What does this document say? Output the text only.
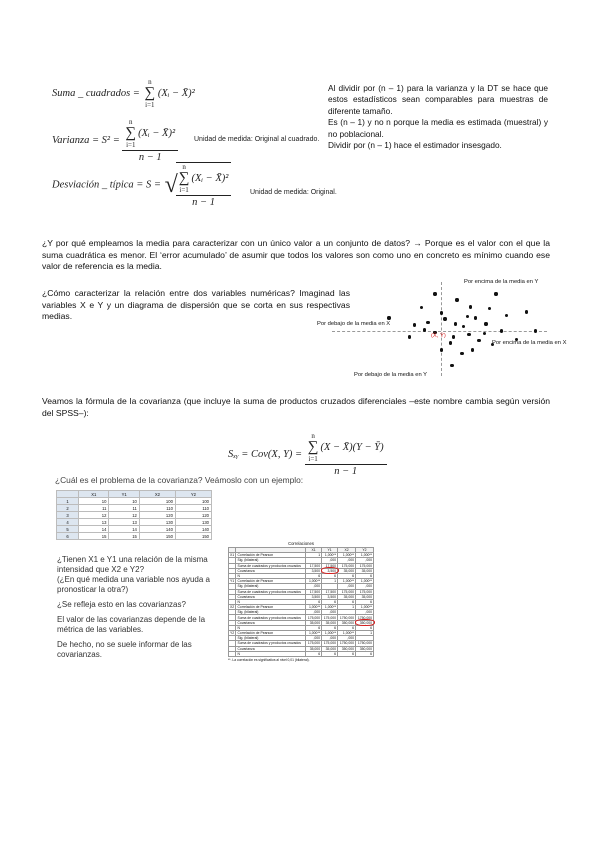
Suma _ cuadrados =
n
∑
i=1
(Xᵢ − X̄)²
Varianza = S² = n
∑
i=1
(Xᵢ − X̄)²
n − 1 Unidad de medida: Original al cuadrado.
Desviación _ típica = S = √
n
∑
i=1
(Xᵢ − X̄)²
n − 1	Unidad de medida: Original.
Al dividir por (n – 1) para la varianza y la DT se hace que estos estadísticos sean comparables para muestras de diferente tamaño.
Es (n – 1) y no n porque la media es estimada (muestral) y no poblacional.
Dividir por (n – 1) hace el estimador insesgado.
¿Y por qué empleamos la media para caracterizar con un único valor a un conjunto de datos? → Porque es el valor con el que la suma cuadrática es menor. El ‘error acumulado’ de asumir que todos los valores son como uno en concreto es mínimo cuando ese valor de referencia es la media.
¿Cómo caracterizar la relación entre dos variables numéricas? Imaginad las variables X e Y y un diagrama de dispersión que se corta en sus respectivas medias.
Por encima de la media en Y
Por debajo de la media en X
Por encima de la media en X
Por debajo de la media en Y
(X̄, Ȳ)
Veamos la fórmula de la covarianza (que incluye la suma de productos cruzados diferenciales –este nombre cambia según versión del SPSS–):
Sₓᵧ = Cov(X, Y) = n
∑
i=1
(X − X̄)(Y − Ȳ)
n − 1
¿Cuál es el problema de la covarianza? Veámoslo con un ejemplo:
	X1	Y1	X2	Y2
1	10	10	100	100
2	11	11	110	110
3	12	12	120	120
4	13	13	130	130
5	14	14	140	140
6	15	15	150	150
¿Tienen X1 e Y1 una relación de la misma intensidad que X2 e Y2?
(¿En qué medida una variable nos ayuda a pronosticar la otra?)
¿Se refleja esto en las covarianzas?
El valor de las covarianzas depende de la métrica de las variables.
De hecho, no se suele informar de las covarianzas.
Correlaciones
		X1	Y1	X2	Y2
X1	Correlación de Pearson	1	1,000**	1,000**	1,000**
	Sig. (bilateral)		,000	,000	,000
	Suma de cuadrados y productos cruzados	17,500	17,500	175,000	175,000
	Covarianza	3,500	3,500	35,000	35,000
	N	6	6	6	6
Y1	Correlación de Pearson	1,000**	1	1,000**	1,000**
	Sig. (bilateral)	,000		,000	,000
	Suma de cuadrados y productos cruzados	17,500	17,500	175,000	175,000
	Covarianza	3,500	3,500	35,000	35,000
	N	6	6	6	6
X2	Correlación de Pearson	1,000**	1,000**	1	1,000**
	Sig. (bilateral)	,000	,000		,000
	Suma de cuadrados y productos cruzados	175,000	175,000	1750,000	1750,000
	Covarianza	35,000	35,000	350,000	350,000
	N	6	6	6	6
Y2	Correlación de Pearson	1,000**	1,000**	1,000**	1
	Sig. (bilateral)	,000	,000	,000	
	Suma de cuadrados y productos cruzados	175,000	175,000	1750,000	1750,000
	Covarianza	35,000	35,000	350,000	350,000
	N	6	6	6	6
**. La correlación es significativa al nivel 0,01 (bilateral).
